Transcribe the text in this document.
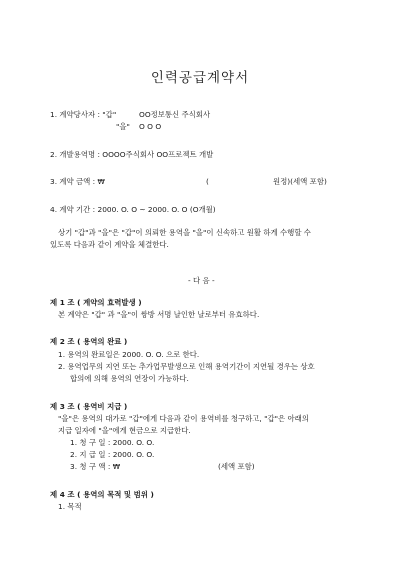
인력공급계약서
1. 계약당사자 : "갑"	OO정보통신 주식회사
"을" O O O
2. 개발용역명 : OOOO주식회사 OO프로젝트 개발
3. 계약 금액 : ₩	(	원정)(세액 포함)
4. 계약 기간 : 2000. O. O ~ 2000. O. O (O개월)
상기 "갑"과 "을"은 "갑"이 의뢰한 용역을 "을"이 신속하고 원활 하게 수행할 수
있도록 다음과 같이 계약을 체결한다.
- 다 음 -
제 1 조 ( 계약의 효력발생 )
본 계약은 "갑" 과 "을"이 쌍방 서명 날인한 날로부터 유효하다.
제 2 조 ( 용역의 완료 )
1. 용역의 완료일은 2000. O. O. 으로 한다.
2. 용역업무의 지연 또는 추가업무발생으로 인해 용역기간이 지연될 경우는 상호
합의에 의해 용역의 연장이 가능하다.
제 3 조 ( 용역비 지급 )
"을"은 용역의 대가로 "갑"에게 다음과 같이 용역비를 청구하고, "갑"은 아래의
지급 일자에 "을"에게 현금으로 지급한다.
1. 청 구 일 : 2000. O. O.
2. 지 급 일 : 2000. O. O.
3. 청 구 액 : ₩	(세액 포함)
제 4 조 ( 용역의 목적 및 범위 )
1. 목적
